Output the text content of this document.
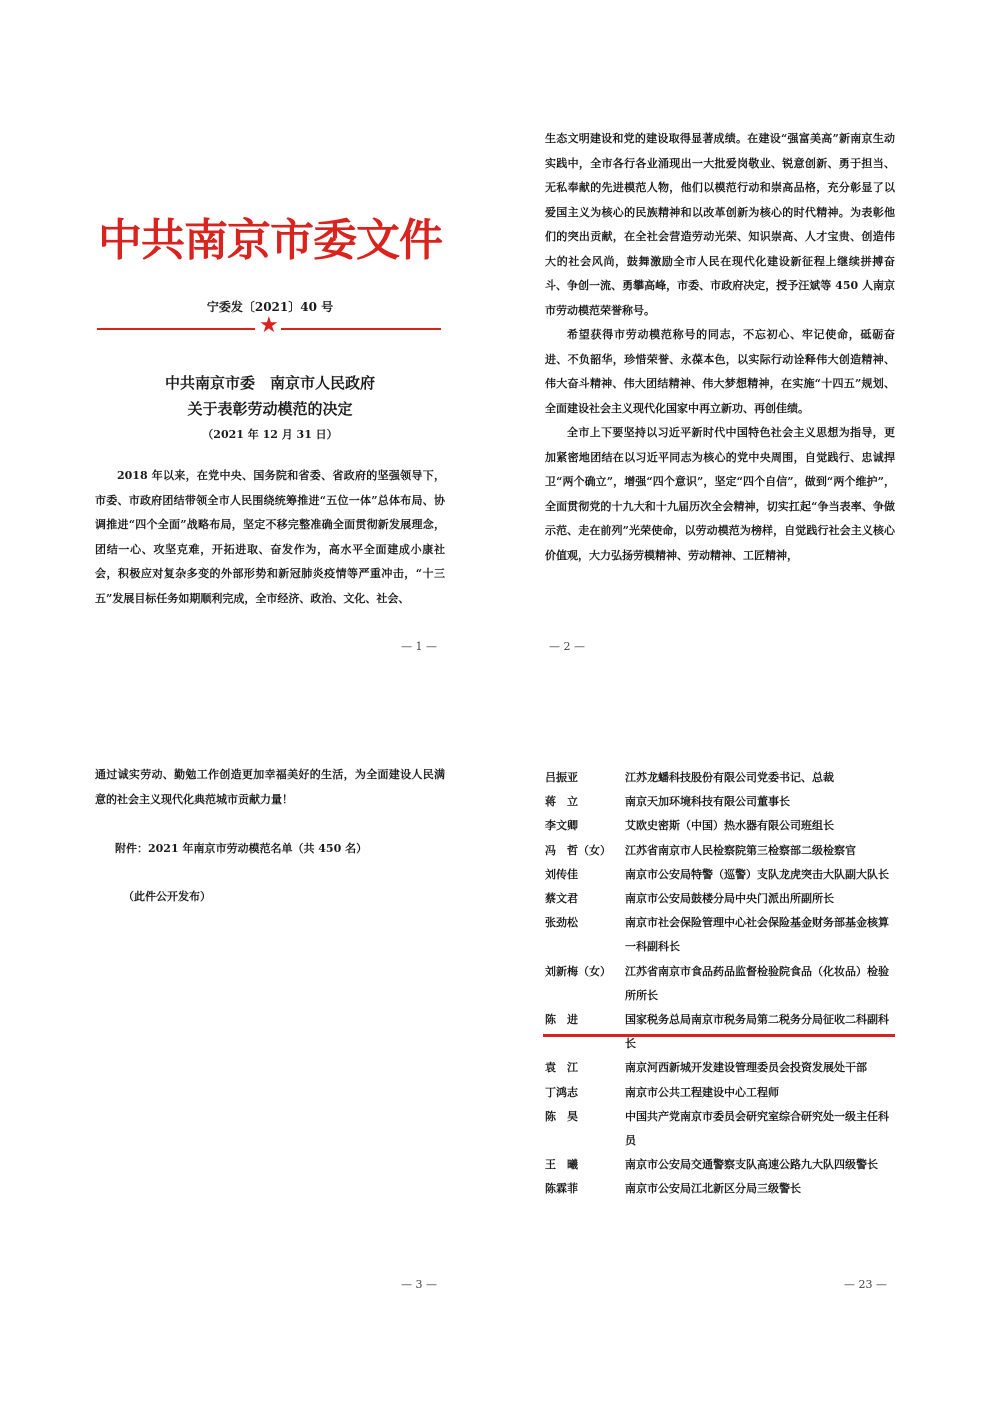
中共南京市委文件
宁委发〔2021〕40 号
★
中共南京市委　南京市人民政府
关于表彰劳动模范的决定
（2021 年 12 月 31 日）

2018 年以来，在党中央、国务院和省委、省政府的坚强领导下，市委、市政府团结带领全市人民围绕统筹推进“五位一体”总体布局、协调推进“四个全面”战略布局，坚定不移完整准确全面贯彻新发展理念，团结一心、攻坚克难，开拓进取、奋发作为，高水平全面建成小康社会，积极应对复杂多变的外部形势和新冠肺炎疫情等严重冲击，“十三五”发展目标任务如期顺利完成，全市经济、政治、文化、社会、

— 1 —

生态文明建设和党的建设取得显著成绩。在建设“强富美高”新南京生动实践中，全市各行各业涌现出一大批爱岗敬业、锐意创新、勇于担当、无私奉献的先进模范人物，他们以模范行动和崇高品格，充分彰显了以爱国主义为核心的民族精神和以改革创新为核心的时代精神。为表彰他们的突出贡献，在全社会营造劳动光荣、知识崇高、人才宝贵、创造伟大的社会风尚，鼓舞激励全市人民在现代化建设新征程上继续拼搏奋斗、争创一流、勇攀高峰，市委、市政府决定，授予汪斌等 450 人南京市劳动模范荣誉称号。

希望获得市劳动模范称号的同志，不忘初心、牢记使命，砥砺奋进、不负韶华，珍惜荣誉、永葆本色，以实际行动诠释伟大创造精神、伟大奋斗精神、伟大团结精神、伟大梦想精神，在实施“十四五”规划、全面建设社会主义现代化国家中再立新功、再创佳绩。

全市上下要坚持以习近平新时代中国特色社会主义思想为指导，更加紧密地团结在以习近平同志为核心的党中央周围，自觉践行、忠诚捍卫“两个确立”，增强“四个意识”，坚定“四个自信”，做到“两个维护”，全面贯彻党的十九大和十九届历次全会精神，切实扛起“争当表率、争做示范、走在前列”光荣使命，以劳动模范为榜样，自觉践行社会主义核心价值观，大力弘扬劳模精神、劳动精神、工匠精神，

— 2 —

通过诚实劳动、勤勉工作创造更加幸福美好的生活，为全面建设人民满意的社会主义现代化典范城市贡献力量！

附件：2021 年南京市劳动模范名单（共 450 名）
（此件公开发布）
— 3 —
吕振亚	江苏龙蟠科技股份有限公司党委书记、总裁
蒋　立	南京天加环境科技有限公司董事长
李文卿	艾欧史密斯（中国）热水器有限公司班组长
冯　哲（女）	江苏省南京市人民检察院第三检察部二级检察官
刘传佳	南京市公安局特警（巡警）支队龙虎突击大队副大队长
蔡文君	南京市公安局鼓楼分局中央门派出所副所长
张劲松	南京市社会保险管理中心社会保险基金财务部基金核算一科副科长
刘新梅（女）	江苏省南京市食品药品监督检验院食品（化妆品）检验所所长
陈　进	国家税务总局南京市税务局第二税务分局征收二科副科长
袁　江	南京河西新城开发建设管理委员会投资发展处干部
丁鸿志	南京市公共工程建设中心工程师
陈　昊	中国共产党南京市委员会研究室综合研究处一级主任科员
王　曦	南京市公安局交通警察支队高速公路九大队四级警长
陈霖菲	南京市公安局江北新区分局三级警长
— 23 —
